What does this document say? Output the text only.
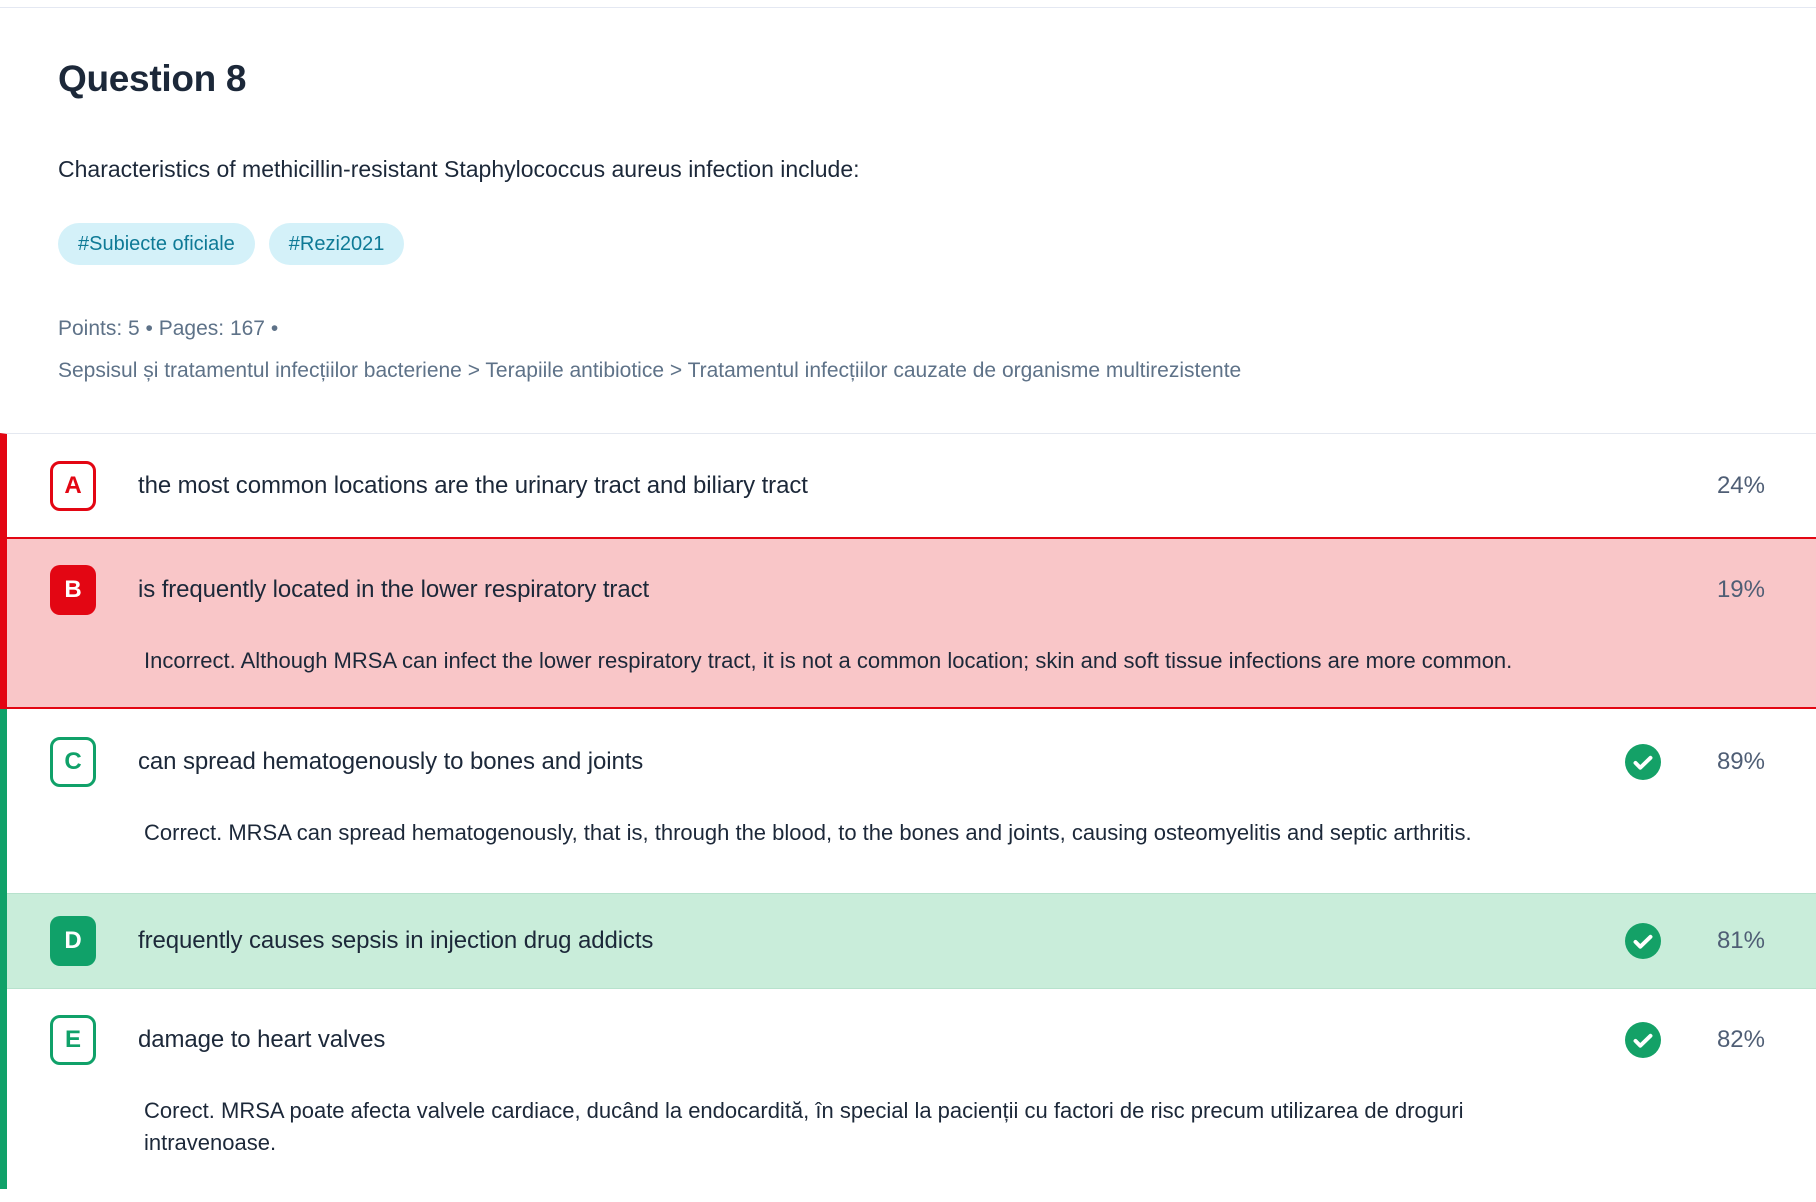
Question 8
Characteristics of methicillin-resistant Staphylococcus aureus infection include:
#Subiecte oficiale	#Rezi2021
Points: 5 • Pages: 167 •
Sepsisul și tratamentul infecțiilor bacteriene > Terapiile antibiotice > Tratamentul infecțiilor cauzate de organisme multirezistente
A	the most common locations are the urinary tract and biliary tract	24%
B	is frequently located in the lower respiratory tract	19%
Incorrect. Although MRSA can infect the lower respiratory tract, it is not a common location; skin and soft tissue infections are more common.
C	can spread hematogenously to bones and joints	89%
Correct. MRSA can spread hematogenously, that is, through the blood, to the bones and joints, causing osteomyelitis and septic arthritis.
D	frequently causes sepsis in injection drug addicts	81%
E	damage to heart valves	82%
Corect. MRSA poate afecta valvele cardiace, ducând la endocardită, în special la pacienții cu factori de risc precum utilizarea de droguri intravenoase.
